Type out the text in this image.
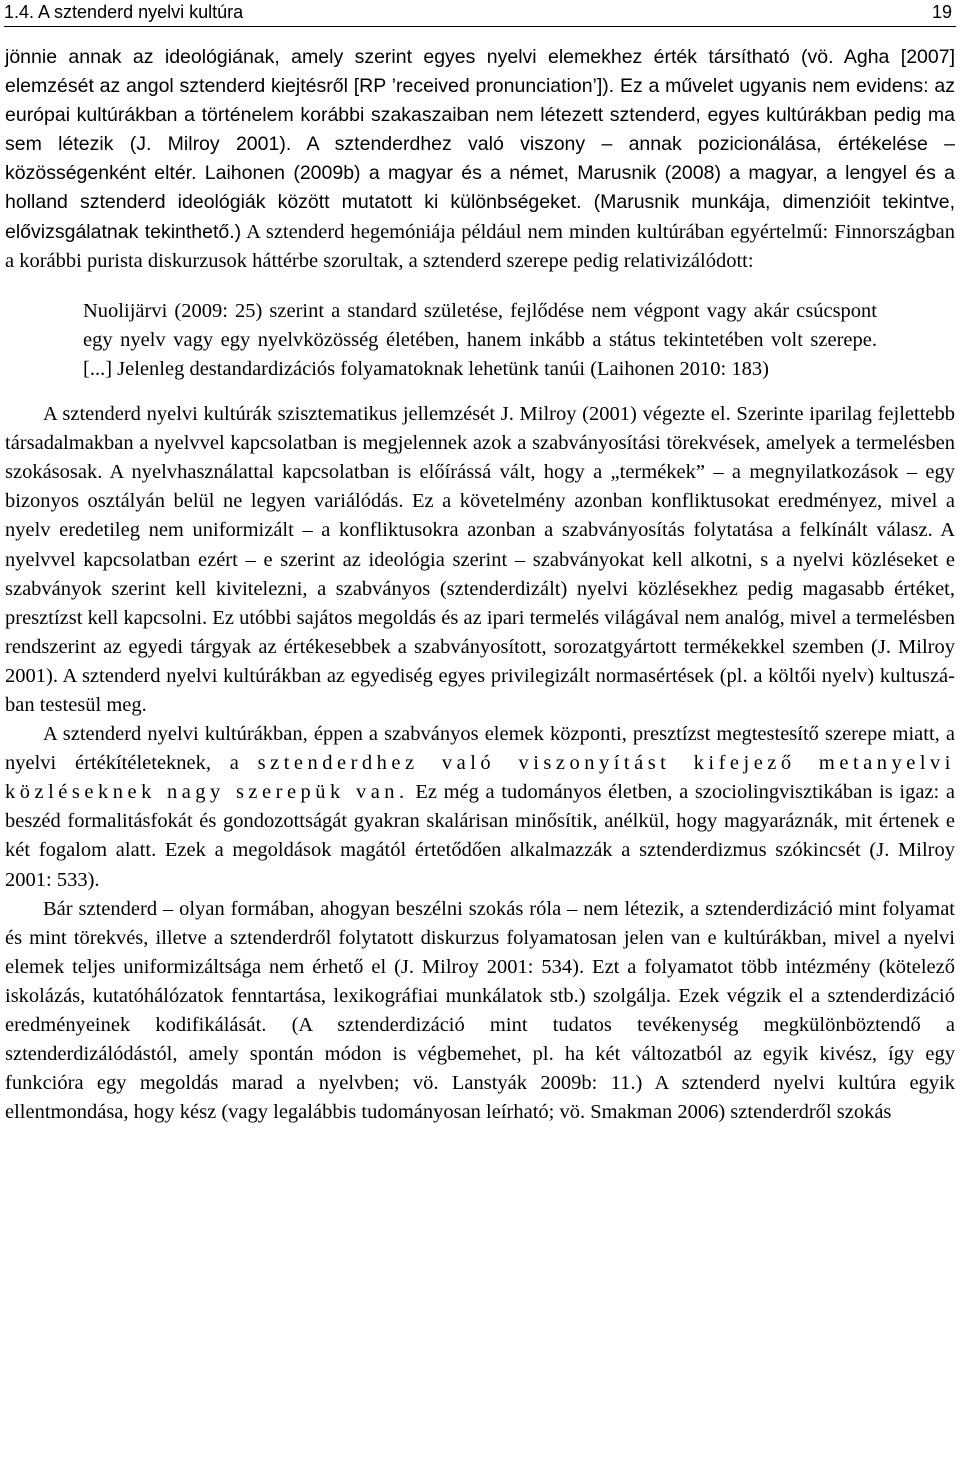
1.4. A sztenderd nyelvi kultúra	19

jönnie annak az ideológiának, amely szerint egyes nyelvi elemekhez érték társítható (vö. Agha [2007] elemzését az angol sztenderd kiejtésről [RP ’received pronunciation’]). Ez a művelet ugyanis nem evidens: az európai kultúrákban a történelem korábbi szakaszaiban nem létezett sztenderd, egyes kultúrákban pedig ma sem létezik (J. Milroy 2001). A sztenderdhez való viszony – annak pozicionálása, értékelése – közösségenként eltér. Laihonen (2009b) a magyar és a német, Marusnik (2008) a magyar, a lengyel és a holland sztenderd ideológiák között mutatott ki különbségeket. (Marusnik munkája, dimenzióit tekintve, elővizsgálatnak tekinthető.) A sztenderd hegemóniája például nem minden kultúrában egyértelmű: Finnországban a korábbi purista diskurzusok háttérbe szorultak, a sztenderd szerepe pedig relativizálódott:

Nuolijärvi (2009: 25) szerint a standard születése, fejlődése nem végpont vagy akár csúcspont egy nyelv vagy egy nyelvközösség életében, hanem inkább a státus tekintetében volt szerepe. [...] Jelenleg destandardizációs folyamatoknak lehetünk tanúi (Laihonen 2010: 183)

A sztenderd nyelvi kultúrák szisztematikus jellemzését J. Milroy (2001) végezte el. Szerinte iparilag fejlettebb társadalmakban a nyelvvel kapcsolatban is megjelennek azok a szabványosítási törekvések, amelyek a termelésben szokásosak. A nyelvhasználattal kapcsolatban is előírássá vált, hogy a „termékek” – a megnyilatkozások – egy bizonyos osztályán belül ne legyen variálódás. Ez a követelmény azonban konfliktusokat eredményez, mivel a nyelv eredetileg nem uniformizált – a konfliktusokra azonban a szabványosítás folytatása a felkínált válasz. A nyelvvel kapcsolatban ezért – e szerint az ideológia szerint – szabványokat kell alkotni, s a nyelvi közléseket e szabványok szerint kell kivitelezni, a szabványos (sztenderdizált) nyelvi közlésekhez pedig magasabb értéket, presztízst kell kapcsolni. Ez utóbbi sajátos megoldás és az ipari termelés világával nem analóg, mivel a termelésben rendszerint az egyedi tárgyak az értékesebbek a szabványosított, sorozatgyártott termékekkel szemben (J. Milroy 2001). A sztenderd nyelvi kultúrákban az egyediség egyes privilegizált normasértések (pl. a költői nyelv) kultuszában testesül meg.

A sztenderd nyelvi kultúrákban, éppen a szabványos elemek központi, presztízst megtestesítő szerepe miatt, a nyelvi értékítéleteknek, a sztenderdhez való viszonyítást kifejező metanyelvi közléseknek nagy szerepük van. Ez még a tudományos életben, a szociolingvisztikában is igaz: a beszéd formalitásfokát és gondozottságát gyakran skalárisan minősítik, anélkül, hogy magyaráznák, mit értenek e két fogalom alatt. Ezek a megoldások magától értetődően alkalmazzák a sztenderdizmus szókincsét (J. Milroy 2001: 533).

Bár sztenderd – olyan formában, ahogyan beszélni szokás róla – nem létezik, a sztenderdizáció mint folyamat és mint törekvés, illetve a sztenderdről folytatott diskurzus folyamatosan jelen van e kultúrákban, mivel a nyelvi elemek teljes uniformizáltsága nem érhető el (J. Milroy 2001: 534). Ezt a folyamatot több intézmény (kötelező iskolázás, kutatóhálózatok fenntartása, lexikográfiai munkálatok stb.) szolgálja. Ezek végzik el a sztenderdizáció eredményeinek kodifikálását. (A sztenderdizáció mint tudatos tevékenység megkülönböztendő a sztenderdizálódástól, amely spontán módon is végbemehet, pl. ha két változatból az egyik kivész, így egy funkcióra egy megoldás marad a nyelvben; vö. Lanstyák 2009b: 11.) A sztenderd nyelvi kultúra egyik ellentmondása, hogy kész (vagy legalábbis tudományosan leírható; vö. Smakman 2006) sztenderdről szokás
